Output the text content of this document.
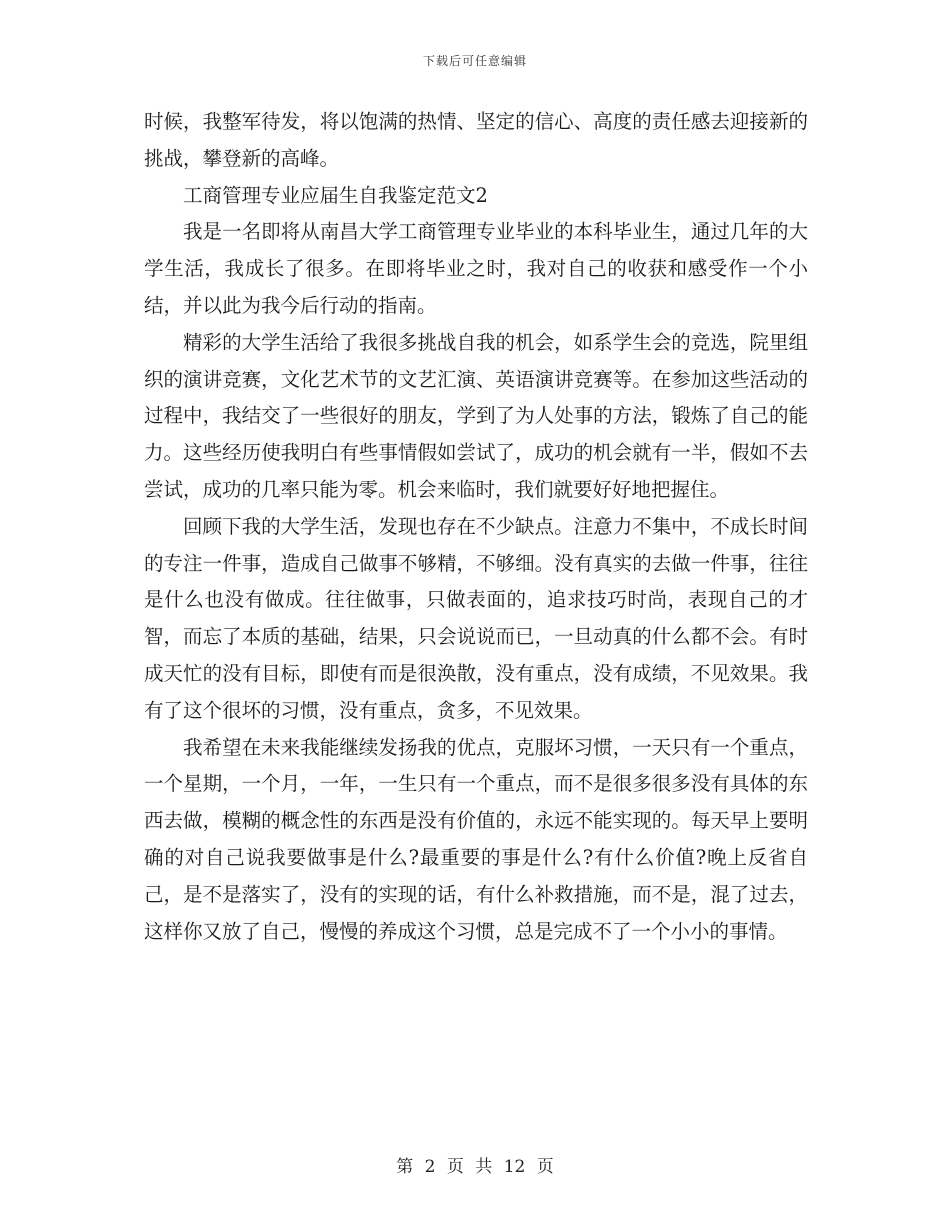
下载后可任意编辑

时候，我整军待发，将以饱满的热情、坚定的信心、高度的责任感去迎接新的挑战，攀登新的高峰。

工商管理专业应届生自我鉴定范文2

我是一名即将从南昌大学工商管理专业毕业的本科毕业生，通过几年的大学生活，我成长了很多。在即将毕业之时，我对自己的收获和感受作一个小结，并以此为我今后行动的指南。

精彩的大学生活给了我很多挑战自我的机会，如系学生会的竞选，院里组织的演讲竞赛，文化艺术节的文艺汇演、英语演讲竞赛等。在参加这些活动的过程中，我结交了一些很好的朋友，学到了为人处事的方法，锻炼了自己的能力。这些经历使我明白有些事情假如尝试了，成功的机会就有一半，假如不去尝试，成功的几率只能为零。机会来临时，我们就要好好地把握住。

回顾下我的大学生活，发现也存在不少缺点。注意力不集中，不成长时间的专注一件事，造成自己做事不够精，不够细。没有真实的去做一件事，往往是什么也没有做成。往往做事，只做表面的，追求技巧时尚，表现自己的才智，而忘了本质的基础，结果，只会说说而已，一旦动真的什么都不会。有时成天忙的没有目标，即使有而是很涣散，没有重点，没有成绩，不见效果。我有了这个很坏的习惯，没有重点，贪多，不见效果。

我希望在未来我能继续发扬我的优点，克服坏习惯，一天只有一个重点，一个星期，一个月，一年，一生只有一个重点，而不是很多很多没有具体的东西去做，模糊的概念性的东西是没有价值的，永远不能实现的。每天早上要明确的对自己说我要做事是什么?最重要的事是什么?有什么价值?晚上反省自己，是不是落实了，没有的实现的话，有什么补救措施，而不是，混了过去，这样你又放了自己，慢慢的养成这个习惯，总是完成不了一个小小的事情。

第 2 页 共 12 页
